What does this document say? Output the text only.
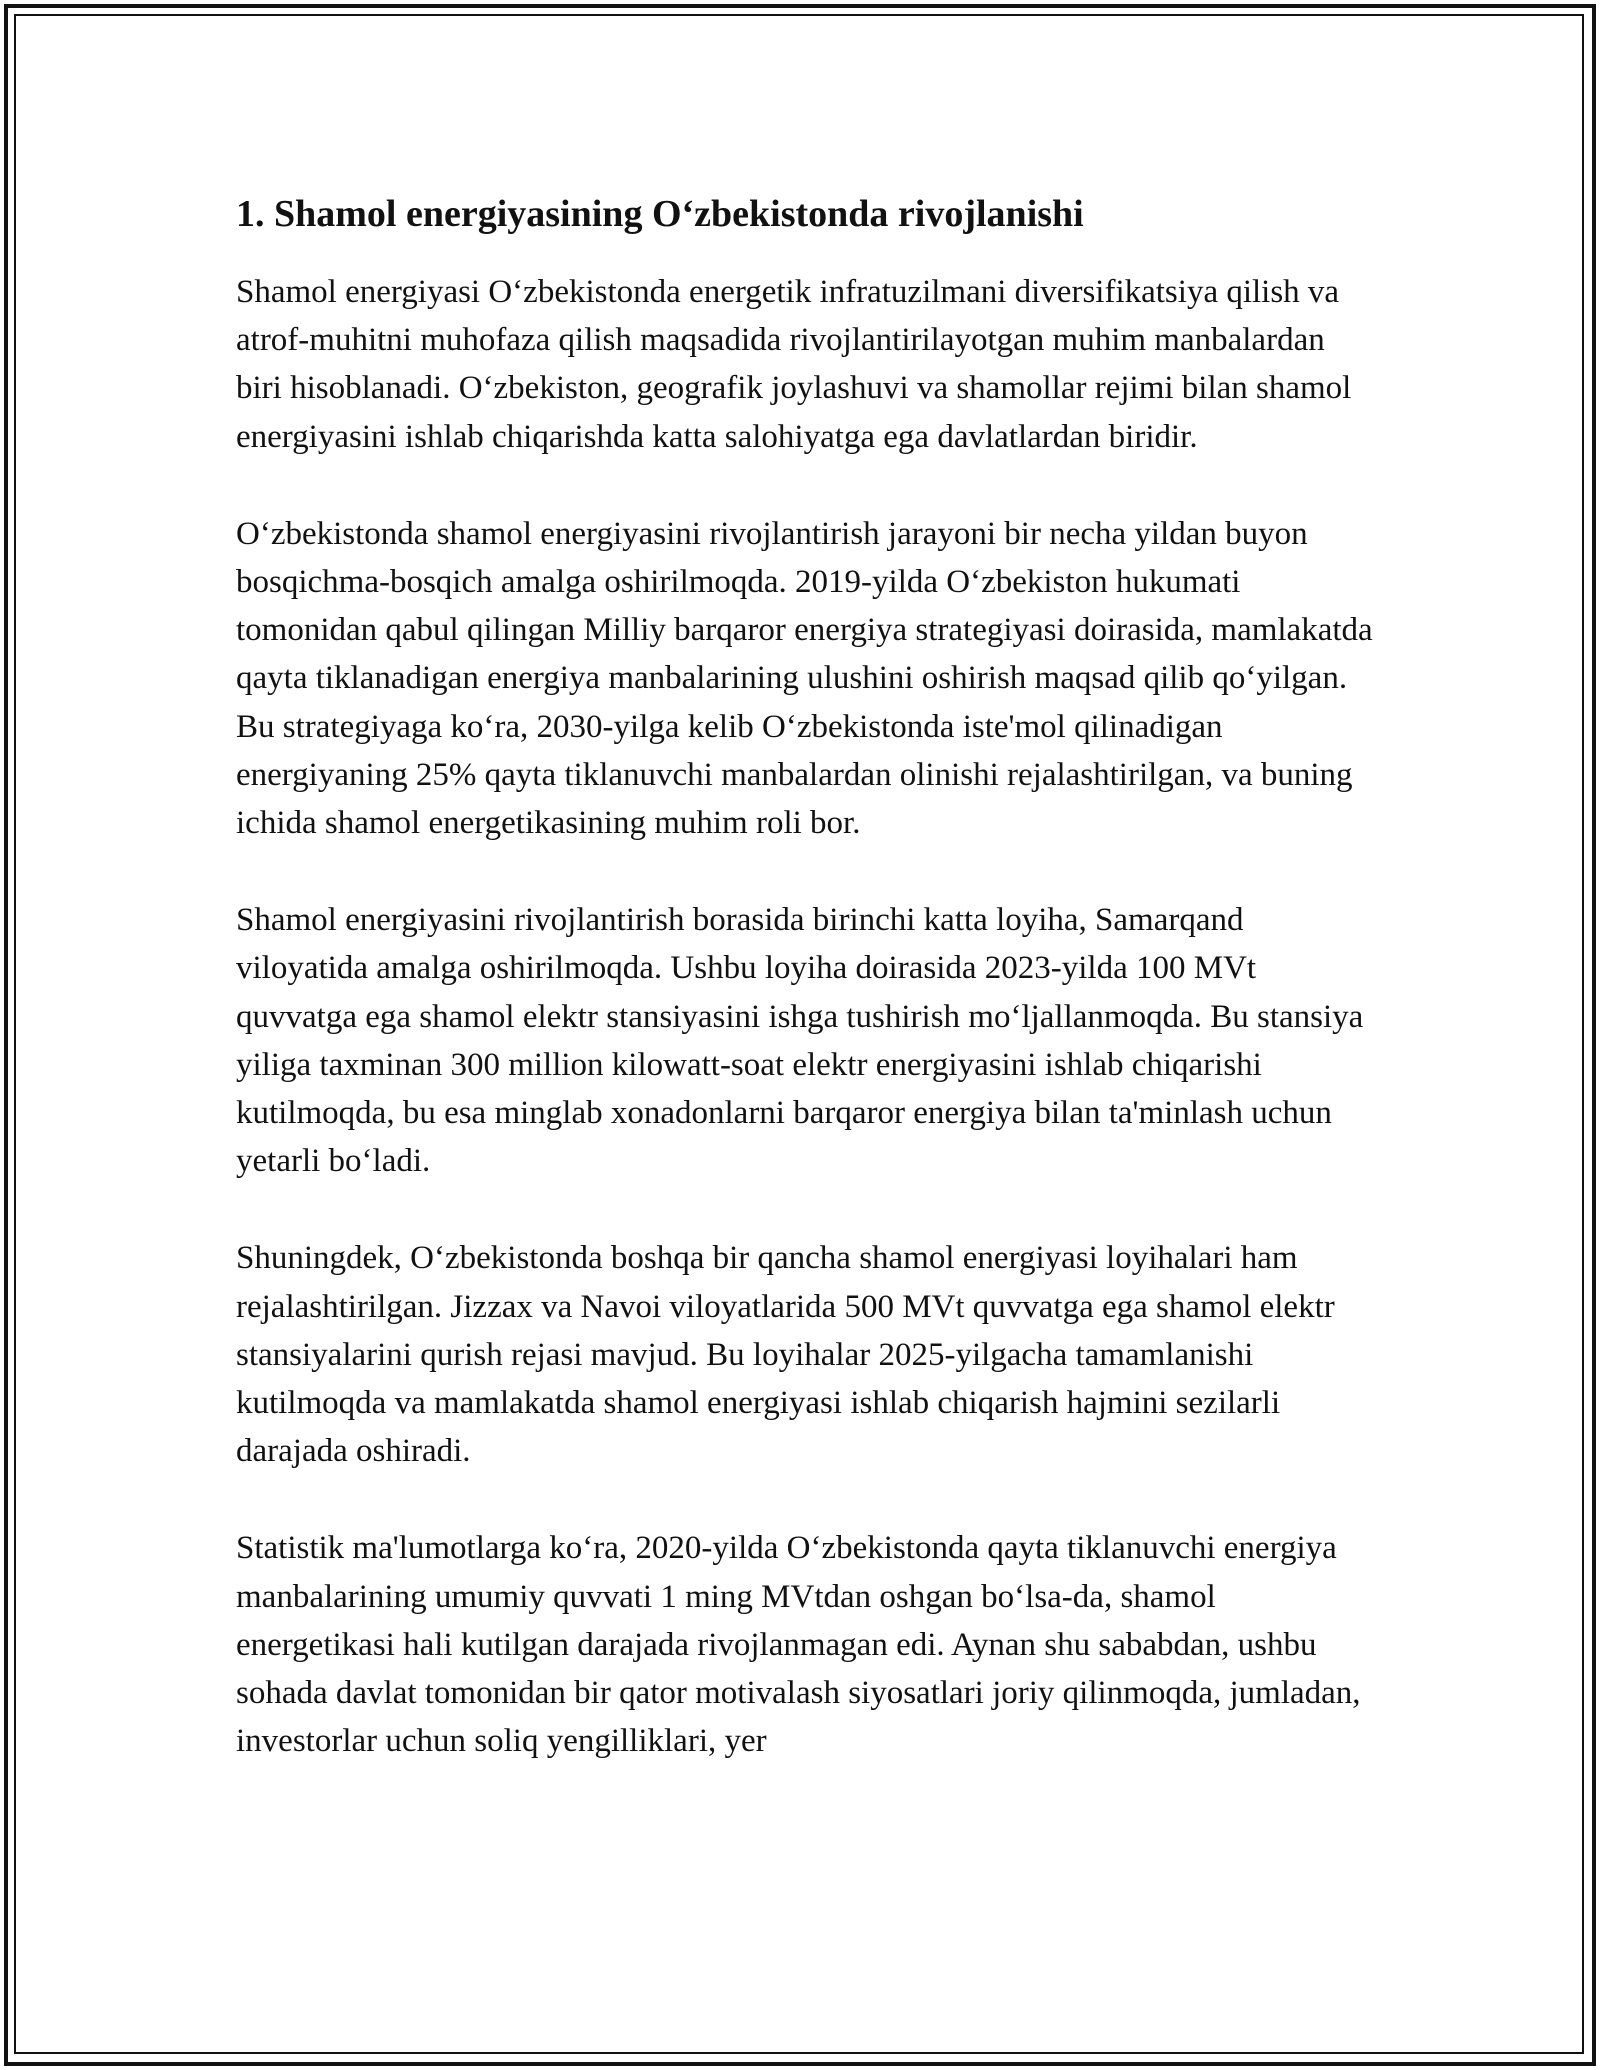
1. Shamol energiyasining O‘zbekistonda rivojlanishi

Shamol energiyasi O‘zbekistonda energetik infratuzilmani diversifikatsiya qilish va atrof-muhitni muhofaza qilish maqsadida rivojlantirilayotgan muhim manbalardan biri hisoblanadi. O‘zbekiston, geografik joylashuvi va shamollar rejimi bilan shamol energiyasini ishlab chiqarishda katta salohiyatga ega davlatlardan biridir.

O‘zbekistonda shamol energiyasini rivojlantirish jarayoni bir necha yildan buyon bosqichma-bosqich amalga oshirilmoqda. 2019-yilda O‘zbekiston hukumati tomonidan qabul qilingan Milliy barqaror energiya strategiyasi doirasida, mamlakatda qayta tiklanadigan energiya manbalarining ulushini oshirish maqsad qilib qo‘yilgan. Bu strategiyaga ko‘ra, 2030-yilga kelib O‘zbekistonda iste'mol qilinadigan energiyaning 25% qayta tiklanuvchi manbalardan olinishi rejalashtirilgan, va buning ichida shamol energetikasining muhim roli bor.

Shamol energiyasini rivojlantirish borasida birinchi katta loyiha, Samarqand viloyatida amalga oshirilmoqda. Ushbu loyiha doirasida 2023-yilda 100 MVt quvvatga ega shamol elektr stansiyasini ishga tushirish mo‘ljallanmoqda. Bu stansiya yiliga taxminan 300 million kilowatt-soat elektr energiyasini ishlab chiqarishi kutilmoqda, bu esa minglab xonadonlarni barqaror energiya bilan ta'minlash uchun yetarli bo‘ladi.

Shuningdek, O‘zbekistonda boshqa bir qancha shamol energiyasi loyihalari ham rejalashtirilgan. Jizzax va Navoi viloyatlarida 500 MVt quvvatga ega shamol elektr stansiyalarini qurish rejasi mavjud. Bu loyihalar 2025-yilgacha tamamlanishi kutilmoqda va mamlakatda shamol energiyasi ishlab chiqarish hajmini sezilarli darajada oshiradi.

Statistik ma'lumotlarga ko‘ra, 2020-yilda O‘zbekistonda qayta tiklanuvchi energiya manbalarining umumiy quvvati 1 ming MVtdan oshgan bo‘lsa-da, shamol energetikasi hali kutilgan darajada rivojlanmagan edi. Aynan shu sababdan, ushbu sohada davlat tomonidan bir qator motivalash siyosatlari joriy qilinmoqda, jumladan, investorlar uchun soliq yengilliklari, yer
